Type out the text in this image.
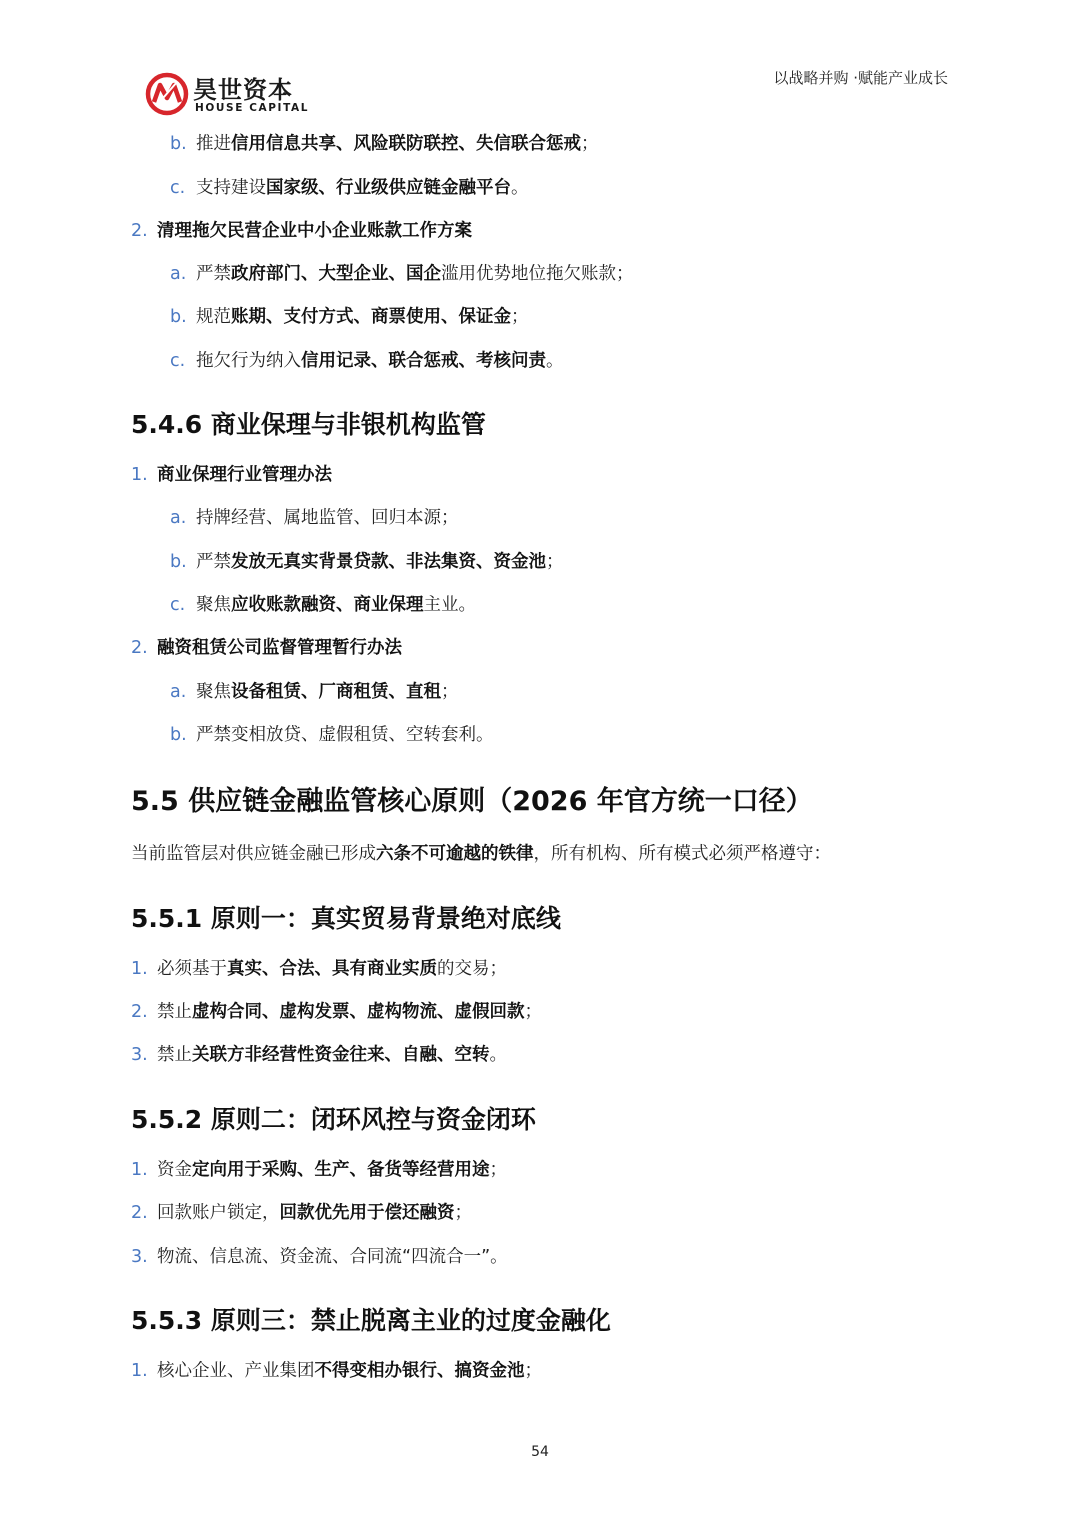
昊世资本
HOUSE CAPITAL
以战略并购 ·赋能产业成长
b. 推进信用信息共享、风险联防联控、失信联合惩戒；
c. 支持建设国家级、行业级供应链金融平台。
2. 清理拖欠民营企业中小企业账款工作方案
a. 严禁政府部门、大型企业、国企滥用优势地位拖欠账款；
b. 规范账期、支付方式、商票使用、保证金；
c. 拖欠行为纳入信用记录、联合惩戒、考核问责。
5.4.6 商业保理与非银机构监管
1. 商业保理行业管理办法
a. 持牌经营、属地监管、回归本源；
b. 严禁发放无真实背景贷款、非法集资、资金池；
c. 聚焦应收账款融资、商业保理主业。
2. 融资租赁公司监督管理暂行办法
a. 聚焦设备租赁、厂商租赁、直租；
b. 严禁变相放贷、虚假租赁、空转套利。
5.5 供应链金融监管核心原则（2026 年官方统一口径）
当前监管层对供应链金融已形成六条不可逾越的铁律，所有机构、所有模式必须严格遵守：
5.5.1 原则一：真实贸易背景绝对底线
1. 必须基于真实、合法、具有商业实质的交易；
2. 禁止虚构合同、虚构发票、虚构物流、虚假回款；
3. 禁止关联方非经营性资金往来、自融、空转。
5.5.2 原则二：闭环风控与资金闭环
1. 资金定向用于采购、生产、备货等经营用途；
2. 回款账户锁定，回款优先用于偿还融资；
3. 物流、信息流、资金流、合同流“四流合一”。
5.5.3 原则三：禁止脱离主业的过度金融化
1. 核心企业、产业集团不得变相办银行、搞资金池；
54
